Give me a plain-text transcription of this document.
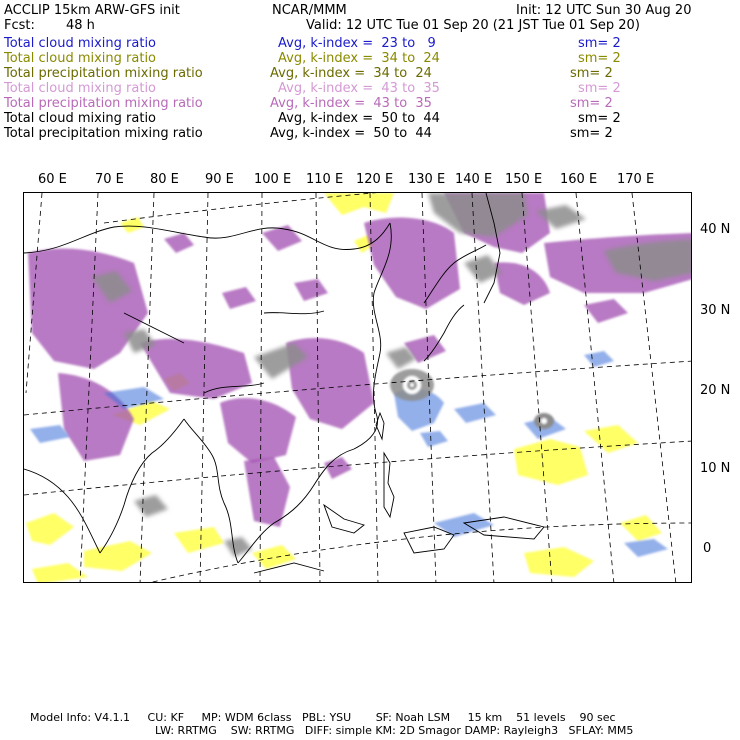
ACCLIP 15km ARW-GFS init	NCAR/MMM	Init: 12 UTC Sun 30 Aug 20
Fcst: 48 h	Valid: 12 UTC Tue 01 Sep 20 (21 JST Tue 01 Sep 20)
Total cloud mixing ratio	Avg, k-index =  23 to   9	sm= 2
Total cloud mixing ratio	Avg, k-index =  34 to  24	sm= 2
Total precipitation mixing ratio	Avg, k-index =  34 to  24	sm= 2
Total cloud mixing ratio	Avg, k-index =  43 to  35	sm= 2
Total precipitation mixing ratio	Avg, k-index =  43 to  35	sm= 2
Total cloud mixing ratio	Avg, k-index =  50 to  44	sm= 2
Total precipitation mixing ratio	Avg, k-index =  50 to  44	sm= 2
60 E 70 E 80 E 90 E 100 E 110 E 120 E 130 E 140 E 150 E 160 E 170 E
40 N
30 N
20 N
10 N
0
Model Info: V4.1.1     CU: KF     MP: WDM 6class   PBL: YSU       SF: Noah LSM     15 km    51 levels    90 sec
LW: RRTMG    SW: RRTMG   DIFF: simple KM: 2D Smagor DAMP: Rayleigh3   SFLAY: MM5
